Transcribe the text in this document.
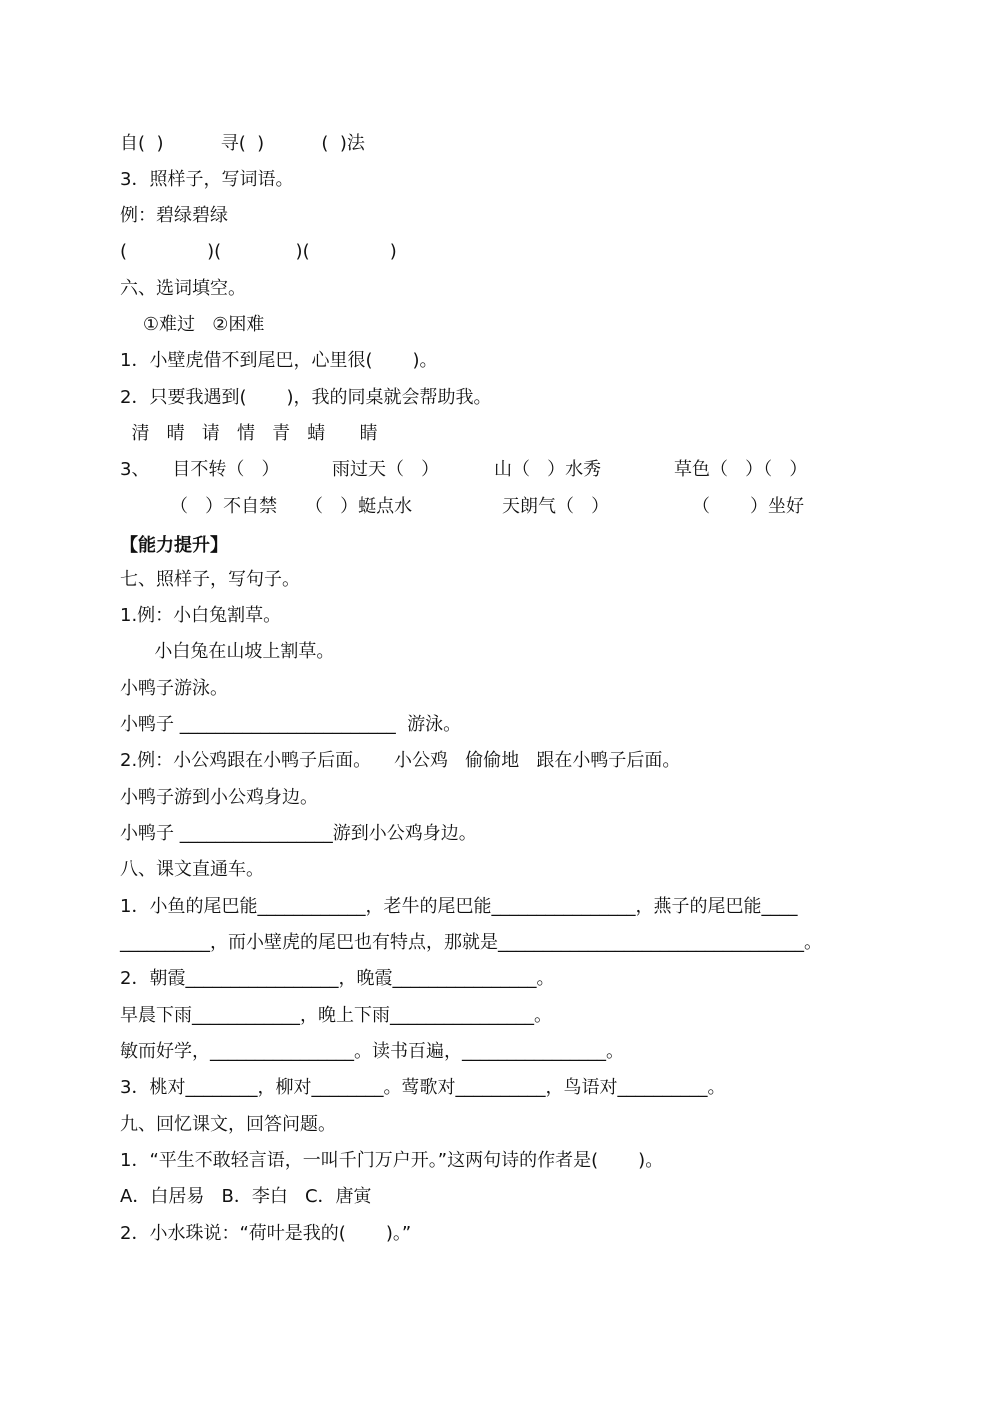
自(  )          寻(  )          (  )法

3．照样子，写词语。

例：碧绿碧绿

(              )(             )(              )

六、选词填空。

①难过   ②困难

1．小壁虎借不到尾巴，心里很(       )。

2．只要我遇到(       )，我的同桌就会帮助我。

清   晴   请   情   青   蜻      睛

3、    目不转（   ）	雨过天（   ）	山（   ）水秀	草色（   ）（   ）
（   ）不自禁 （   ）蜓点水	天朗气（   ）	（       ）坐好

【能力提升】

七、照样子，写句子。

1.例：小白兔割草。

小白兔在山坡上割草。

小鸭子游泳。

小鸭子 ________________________  游泳。

2.例：小公鸡跟在小鸭子后面。    小公鸡   偷偷地   跟在小鸭子后面。

小鸭子游到小公鸡身边。

小鸭子 _________________游到小公鸡身边。

八、课文直通车。

1．小鱼的尾巴能____________，老牛的尾巴能________________，燕子的尾巴能____

__________，而小壁虎的尾巴也有特点，那就是__________________________________。

2．朝霞_________________，晚霞________________。

早晨下雨____________，晚上下雨________________。

敏而好学，________________。读书百遍，________________。

3．桃对________，柳对________。莺歌对__________，鸟语对__________。

九、回忆课文，回答问题。

1．“平生不敢轻言语，一叫千门万户开。”这两句诗的作者是(       )。

A．白居易   B．李白   C．唐寅

2．小水珠说：“荷叶是我的(       )。”
